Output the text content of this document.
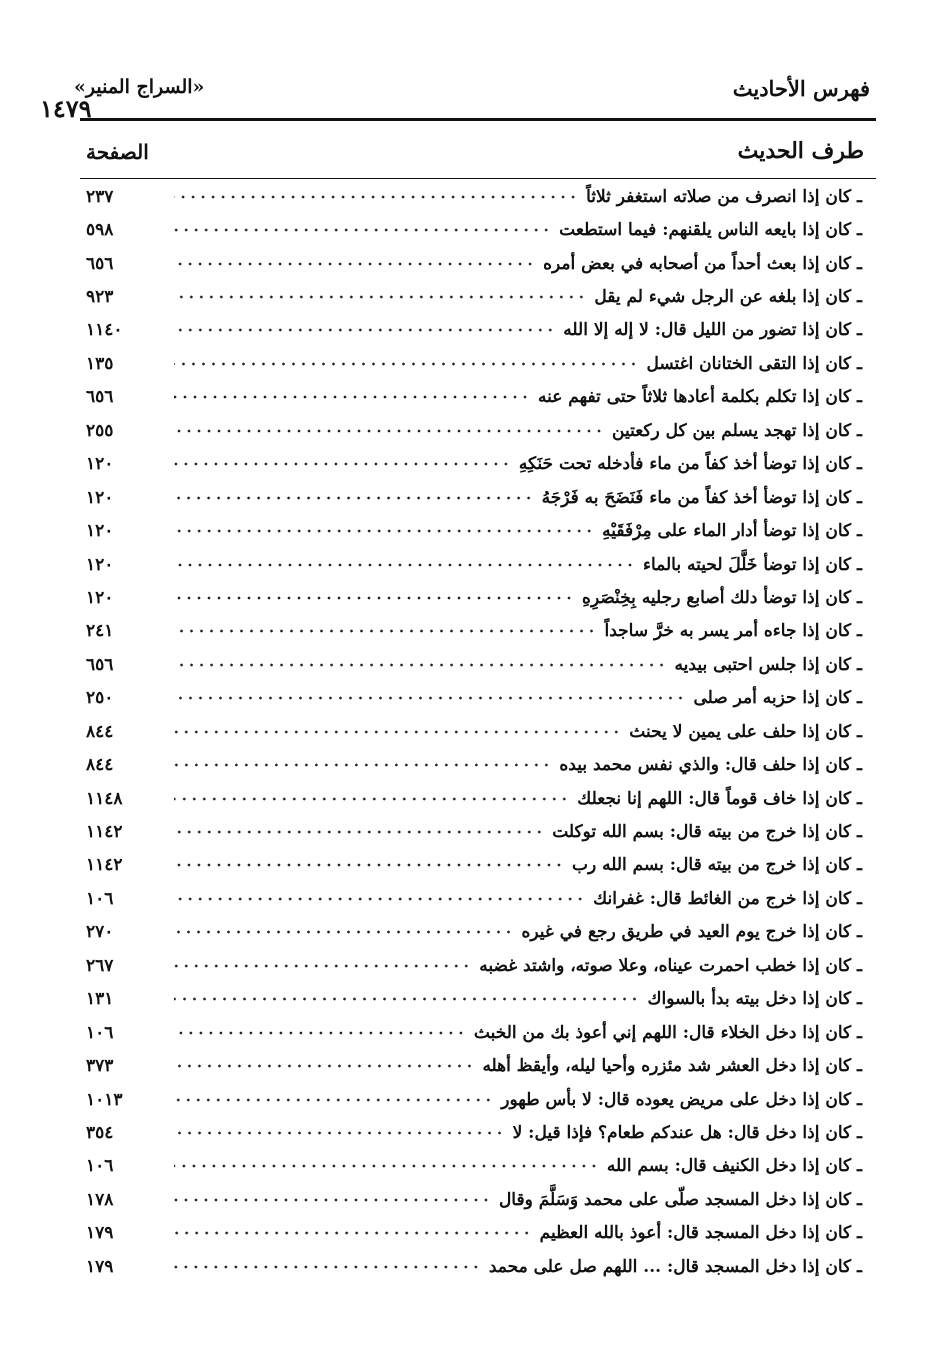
فهرس الأحاديث
«السراج المنير»
١٤٧٩
طرف الحديث
الصفحة
ـ كان إذا انصرف من صلاته استغفر ثلاثاً
٢٣٧
ـ كان إذا بايعه الناس يلقنهم: فيما استطعت
٥٩٨
ـ كان إذا بعث أحداً من أصحابه في بعض أمره
٦٥٦
ـ كان إذا بلغه عن الرجل شيء لم يقل
٩٢٣
ـ كان إذا تضور من الليل قال: لا إله إلا الله
١١٤٠
ـ كان إذا التقى الختانان اغتسل
١٣٥
ـ كان إذا تكلم بكلمة أعادها ثلاثاً حتى تفهم عنه
٦٥٦
ـ كان إذا تهجد يسلم بين كل ركعتين
٢٥٥
ـ كان إذا توضأ أخذ كفاً من ماء فأدخله تحت حَنَكِهِ
١٢٠
ـ كان إذا توضأ أخذ كفاً من ماء فَنَضَحَ به فَرْجَهُ
١٢٠
ـ كان إذا توضأ أدار الماء على مِرْفَقَيْهِ
١٢٠
ـ كان إذا توضأ خَلَّلَ لحيته بالماء
١٢٠
ـ كان إذا توضأ دلك أصابع رجليه بِخِنْصَرِهِ
١٢٠
ـ كان إذا جاءه أمر يسر به خرَّ ساجداً
٢٤١
ـ كان إذا جلس احتبى بيديه
٦٥٦
ـ كان إذا حزبه أمر صلى
٢٥٠
ـ كان إذا حلف على يمين لا يحنث
٨٤٤
ـ كان إذا حلف قال: والذي نفس محمد بيده
٨٤٤
ـ كان إذا خاف قوماً قال: اللهم إنا نجعلك
١١٤٨
ـ كان إذا خرج من بيته قال: بسم الله توكلت
١١٤٢
ـ كان إذا خرج من بيته قال: بسم الله رب
١١٤٢
ـ كان إذا خرج من الغائط قال: غفرانك
١٠٦
ـ كان إذا خرج يوم العيد في طريق رجع في غيره
٢٧٠
ـ كان إذا خطب احمرت عيناه، وعلا صوته، واشتد غضبه
٢٦٧
ـ كان إذا دخل بيته بدأ بالسواك
١٣١
ـ كان إذا دخل الخلاء قال: اللهم إني أعوذ بك من الخبث
١٠٦
ـ كان إذا دخل العشر شد مئزره وأحيا ليله، وأيقظ أهله
٣٧٣
ـ كان إذا دخل على مريض يعوده قال: لا بأس طهور
١٠١٣
ـ كان إذا دخل قال: هل عندكم طعام؟ فإذا قيل: لا
٣٥٤
ـ كان إذا دخل الكنيف قال: بسم الله
١٠٦
ـ كان إذا دخل المسجد صلّى على محمد وَسَلَّمَ وقال
١٧٨
ـ كان إذا دخل المسجد قال: أعوذ بالله العظيم
١٧٩
ـ كان إذا دخل المسجد قال: ... اللهم صل على محمد
١٧٩
